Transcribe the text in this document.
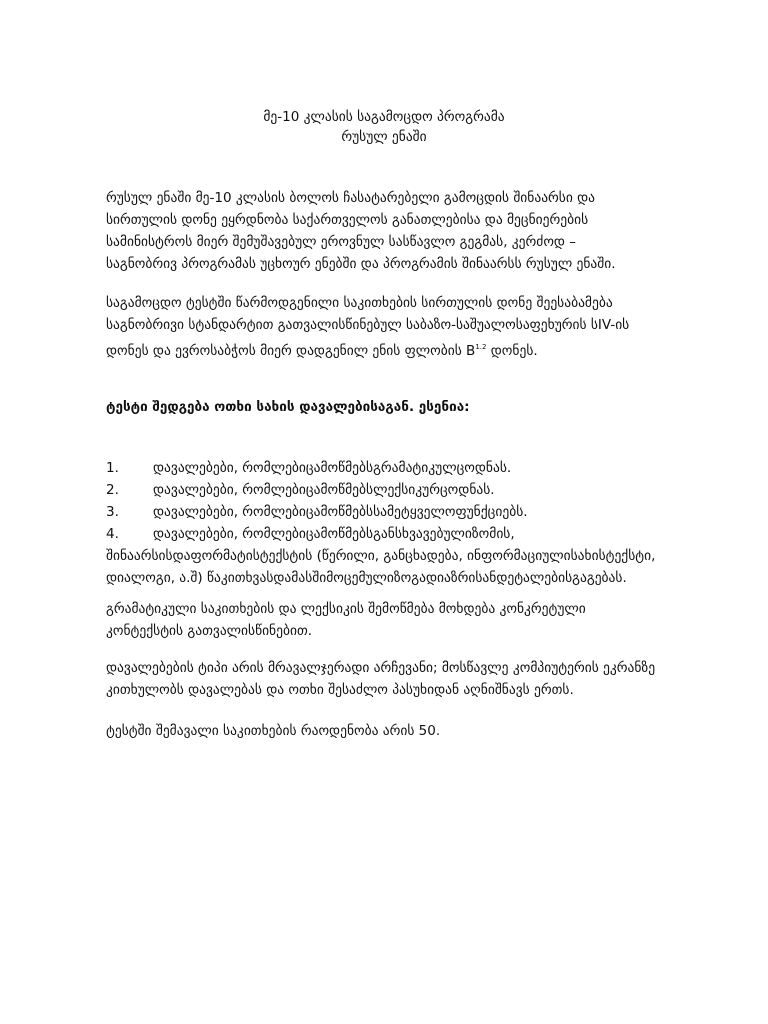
მე-10 კლასის საგამოცდო პროგრამა
რუსულ ენაში
რუსულ ენაში მე-10 კლასის ბოლოს ჩასატარებელი გამოცდის შინაარსი და
სირთულის დონე ეყრდნობა საქართველოს განათლებისა და მეცნიერების
სამინისტროს მიერ შემუშავებულ ეროვნულ სასწავლო გეგმას, კერძოდ –
საგნობრივ პროგრამას უცხოურ ენებში და პროგრამის შინაარსს რუსულ ენაში.
საგამოცდო ტესტში წარმოდგენილი საკითხების სირთულის დონე შეესაბამება
საგნობრივი სტანდარტით გათვალისწინებულ საბაზო-საშუალოსაფეხურის სIV-ის
დონეს და ევროსაბჭოს მიერ დადგენილ ენის ფლობის $B^{1.2}$ დონეს.
ტესტი შედგება ოთხი სახის დავალებისაგან. ესენია:
1.	დავალებები, რომლებიცამოწმებსგრამატიკულცოდნას.
2.	დავალებები, რომლებიცამოწმებსლექსიკურცოდნას.
3.	დავალებები, რომლებიცამოწმებსსამეტყველოფუნქციებს.
4.	დავალებები, რომლებიცამოწმებსგანსხვავებულიზომის,
შინაარსისდაფორმატისტექსტის (წერილი, განცხადება, ინფორმაციულისახისტექსტი,
დიალოგი, ა.შ) წაკითხვასდამასშიმოცემულიზოგადიაზრისანდეტალებისგაგებას.
გრამატიკული საკითხების და ლექსიკის შემოწმება მოხდება კონკრეტული
კონტექსტის გათვალისწინებით.
დავალებების ტიპი არის მრავალჯერადი არჩევანი; მოსწავლე კომპიუტერის ეკრანზე
კითხულობს დავალებას და ოთხი შესაძლო პასუხიდან აღნიშნავს ერთს.
ტესტში შემავალი საკითხების რაოდენობა არის 50.
